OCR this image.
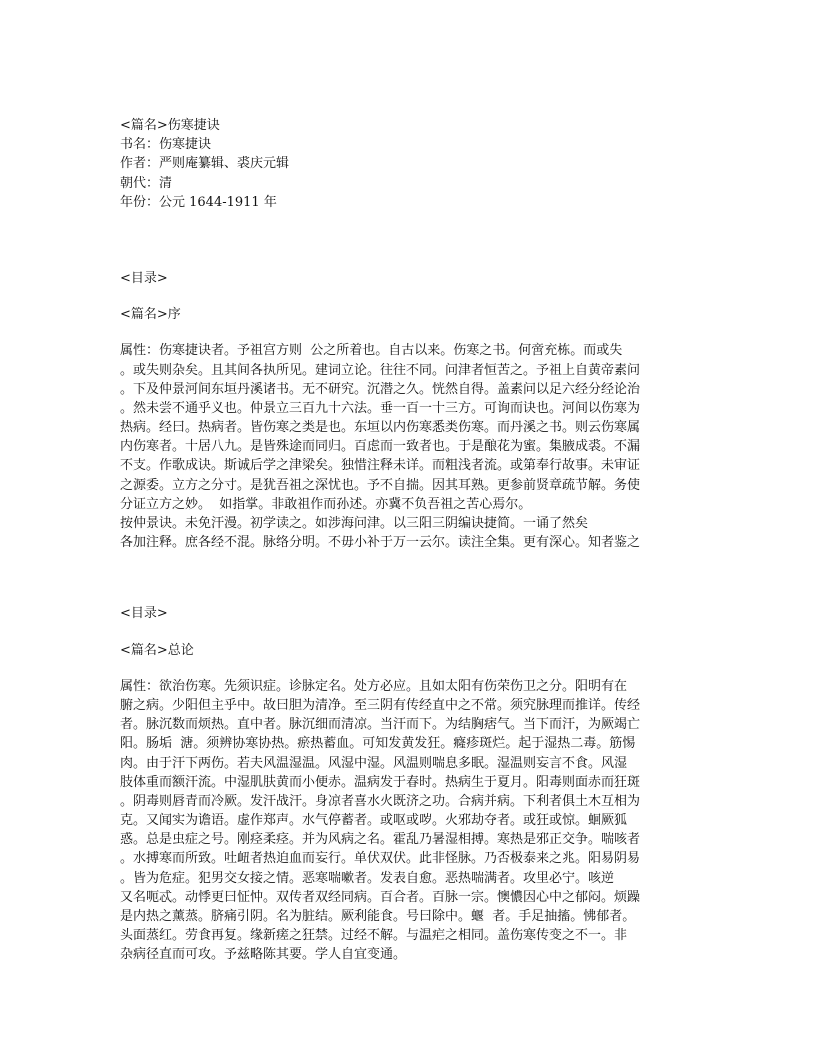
<篇名>伤寒捷诀
书名：伤寒捷诀
作者：严则庵纂辑、裘庆元辑
朝代：清
年份：公元 1644-1911 年
<目录>
<篇名>序
属性：伤寒捷诀者。予祖宫方则  公之所着也。自古以来。伤寒之书。何啻充栋。而或失
。或失则杂矣。且其间各执所见。建词立论。往往不同。问津者恒苦之。予祖上自黄帝素问
。下及仲景河间东垣丹溪诸书。无不研究。沉潜之久。恍然自得。盖素问以足六经分经论治
。然未尝不通乎义也。仲景立三百九十六法。垂一百一十三方。可询而诀也。河间以伤寒为
热病。经曰。热病者。皆伤寒之类是也。东垣以内伤寒悉类伤寒。而丹溪之书。则云伤寒属
内伤寒者。十居八九。是皆殊途而同归。百虑而一致者也。于是酿花为蜜。集腋成裘。不漏
不支。作歌成诀。斯诚后学之津梁矣。独惜注释未详。而粗浅者流。或第奉行故事。未审证
之源委。立方之分寸。是犹吾祖之深忧也。予不自揣。因其耳熟。更参前贤章疏节解。务使
分证立方之妙。  如指掌。非敢祖作而孙述。亦冀不负吾祖之苦心焉尔。
按仲景诀。未免汗漫。初学读之。如涉海问津。以三阳三阴编诀捷简。一诵了然矣
各加注释。庶各经不混。脉络分明。不毋小补于万一云尔。读注全集。更有深心。知者鉴之
<目录>
<篇名>总论
属性：欲治伤寒。先须识症。诊脉定名。处方必应。且如太阳有伤荣伤卫之分。阳明有在
腑之病。少阳但主乎中。故曰胆为清净。至三阴有传经直中之不常。须究脉理而推详。传经
者。脉沉数而烦热。直中者。脉沉细而清凉。当汗而下。为结胸痞气。当下而汗，为厥竭亡
阳。肠垢  溏。须辨协寒协热。瘀热蓄血。可知发黄发狂。癃疹斑烂。起于湿热二毒。筋惕
肉。由于汗下两伤。若夫风温湿温。风湿中湿。风温则喘息多眠。湿温则妄言不食。风湿
肢体重而额汗流。中湿肌肤黄而小便赤。温病发于春时。热病生于夏月。阳毒则面赤而狂斑
。阴毒则唇青而冷厥。发汗战汗。身凉者喜水火既济之功。合病并病。下利者俱土木互相为
克。又闻实为谵语。虚作郑声。水气停蓄者。或呕或哕。火邪劫夺者。或狂或惊。蛔厥狐
惑。总是虫症之号。刚痉柔痉。并为风病之名。霍乱乃暑湿相搏。寒热是邪正交争。喘咳者
。水搏寒而所致。吐衄者热迫血而妄行。单伏双伏。此非怪脉。乃否极泰来之兆。阳易阴易
。皆为危症。犯男交女接之情。恶寒喘嗽者。发表自愈。恶热喘满者。攻里必宁。咳逆
又名呃忒。动悸更曰怔忡。双传者双经同病。百合者。百脉一宗。懊憹因心中之郁闷。烦躁
是内热之薰蒸。脐痛引阴。名为脏结。厥利能食。号曰除中。蝘  者。手足抽搐。怫郁者。
头面蒸红。劳食再复。缘新瘥之狂禁。过经不解。与温疟之相同。盖伤寒传变之不一。非
杂病径直而可攻。予兹略陈其要。学人自宜变通。
